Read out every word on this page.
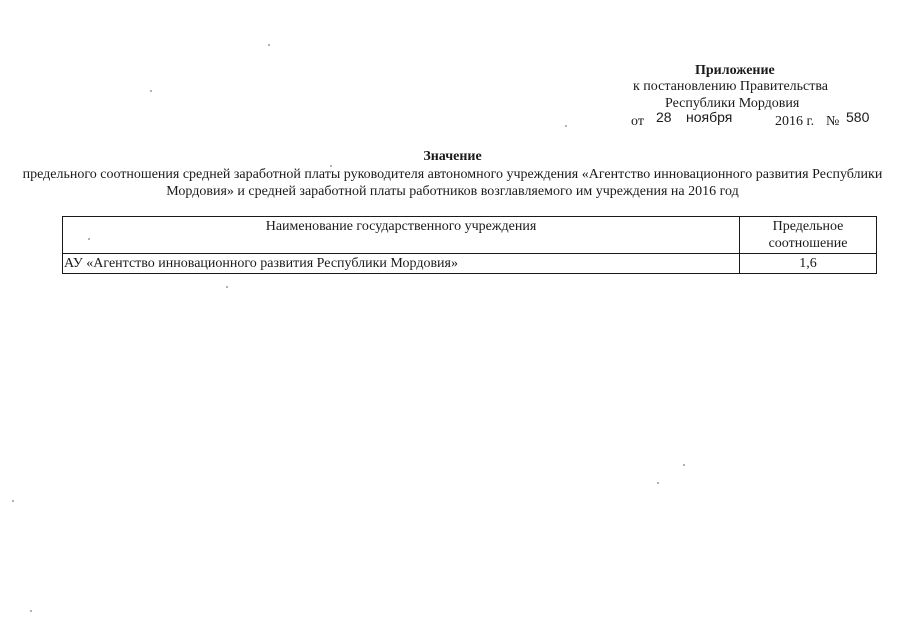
Приложение
к постановлению Правительства
Республики Мордовия
от 28 ноября	2016 г. № 580
Значение
предельного соотношения средней заработной платы руководителя автономного учреждения «Агентство инновационного развития Республики Мордовия» и средней заработной платы работников возглавляемого им учреждения на 2016 год
Наименование государственного учреждения	Предельное соотношение
АУ «Агентство инновационного развития Республики Мордовия»	1,6
